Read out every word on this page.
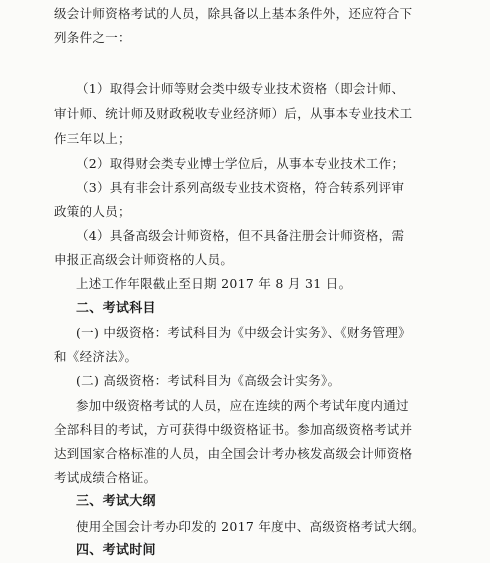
级会计师资格考试的人员，除具备以上基本条件外，还应符合下
列条件之一：
（1）取得会计师等财会类中级专业技术资格（即会计师、
审计师、统计师及财政税收专业经济师）后，从事本专业技术工
作三年以上；
（2）取得财会类专业博士学位后，从事本专业技术工作；
（3）具有非会计系列高级专业技术资格，符合转系列评审
政策的人员；
（4）具备高级会计师资格，但不具备注册会计师资格，需
申报正高级会计师资格的人员。
上述工作年限截止至日期 2017 年 8 月 31 日。
二、考试科目
(一) 中级资格：考试科目为《中级会计实务》、《财务管理》
和《经济法》。
(二) 高级资格：考试科目为《高级会计实务》。
参加中级资格考试的人员，应在连续的两个考试年度内通过
全部科目的考试，方可获得中级资格证书。参加高级资格考试并
达到国家合格标准的人员，由全国会计考办核发高级会计师资格
考试成绩合格证。
三、考试大纲
使用全国会计考办印发的 2017 年度中、高级资格考试大纲。
四、考试时间
